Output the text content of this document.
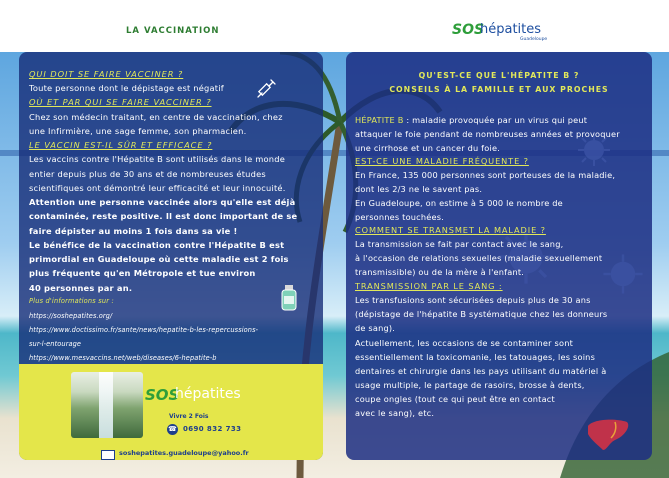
LA VACCINATION	SOS
hépatites
Guadeloupe
QUI DOIT SE FAIRE VACCINER ?
Toute personne dont le dépistage est négatif
OÙ ET PAR QUI SE FAIRE VACCINER ?
Chez son médecin traitant, en centre de vaccination, chez
une Infirmière, une sage femme, son pharmacien.
LE VACCIN EST-IL SÛR ET EFFICACE ?
Les vaccins contre l'Hépatite B sont utilisés dans le monde
entier depuis plus de 30 ans et de nombreuses études
scientifiques ont démontré leur efficacité et leur innocuité.
Attention une personne vaccinée alors qu'elle est déjà
contaminée, reste positive. Il est donc important de se
faire dépister au moins 1 fois dans sa vie !
Le bénéfice de la vaccination contre l'Hépatite B est
primordial en Guadeloupe où cette maladie est 2 fois
plus fréquente qu'en Métropole et tue environ
40 personnes par an.
Plus d'informations sur :
https://soshepatites.org/
https://www.doctissimo.fr/sante/news/hepatite-b-les-repercussions-
sur-l-entourage
https://www.mesvaccins.net/web/diseases/6-hepatite-b
SOS
hépatites
Vivre 2 Fois
☎ 0690 832 733
soshepatites.guadeloupe@yahoo.fr
QU'EST-CE QUE L'HÉPATITE B ?
CONSEILS À LA FAMILLE ET AUX PROCHES
HÉPATITE B : maladie provoquée par un virus qui peut
attaquer le foie pendant de nombreuses années et provoquer
une cirrhose et un cancer du foie.
EST-CE UNE MALADIE FRÉQUENTE ?
En France, 135 000 personnes sont porteuses de la maladie,
dont les 2/3 ne le savent pas.
En Guadeloupe, on estime à 5 000 le nombre de
personnes touchées.
COMMENT SE TRANSMET LA MALADIE ?
La transmission se fait par contact avec le sang,
à l'occasion de relations sexuelles (maladie sexuellement
transmissible) ou de la mère à l'enfant.
TRANSMISSION PAR LE SANG :
Les transfusions sont sécurisées depuis plus de 30 ans
(dépistage de l'hépatite B systématique chez les donneurs
de sang).
Actuellement, les occasions de se contaminer sont
essentiellement la toxicomanie, les tatouages, les soins
dentaires et chirurgie dans les pays utilisant du matériel à
usage multiple, le partage de rasoirs, brosse à dents,
coupe ongles (tout ce qui peut être en contact
avec le sang), etc.
